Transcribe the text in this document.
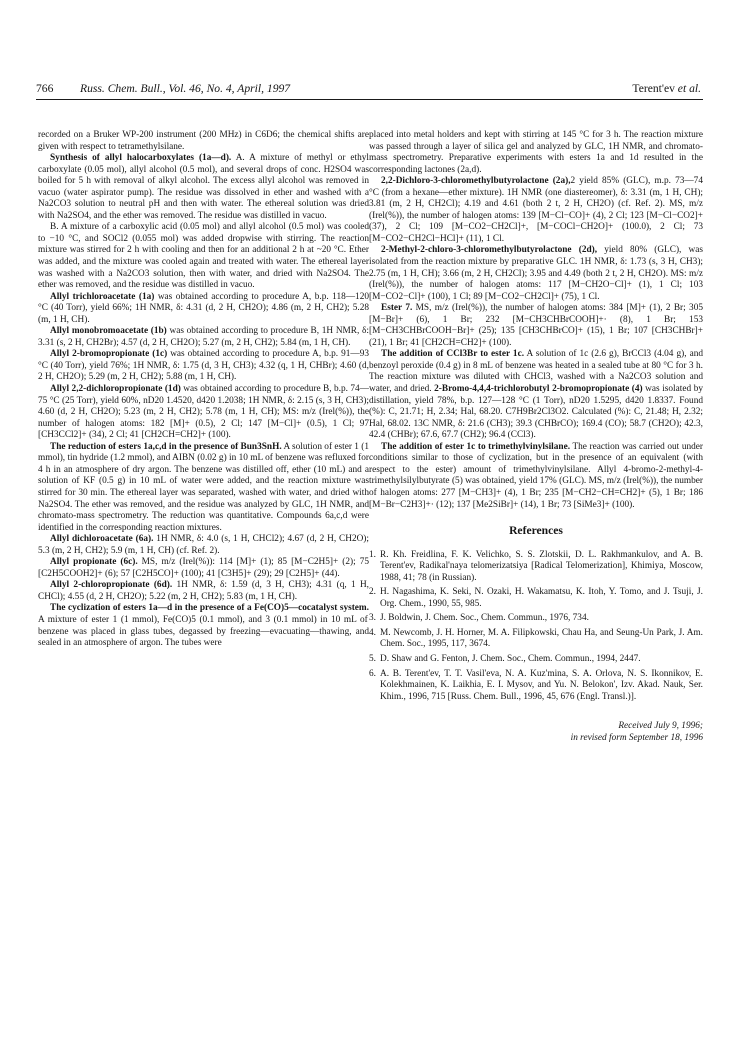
766 Russ. Chem. Bull., Vol. 46, No. 4, April, 1997	Terent'ev et al.

recorded on a Bruker WP-200 instrument (200 MHz) in C6D6; the chemical shifts are given with respect to tetramethylsilane.

Synthesis of allyl halocarboxylates (1a—d). A. A mixture of methyl or ethyl carboxylate (0.05 mol), allyl alcohol (0.5 mol), and several drops of conc. H2SO4 was boiled for 5 h with removal of alkyl alcohol. The excess allyl alcohol was removed in vacuo (water aspirator pump). The residue was dissolved in ether and washed with a Na2CO3 solution to neutral pH and then with water. The ethereal solution was dried with Na2SO4, and the ether was removed. The residue was distilled in vacuo.

B. A mixture of a carboxylic acid (0.05 mol) and allyl alcohol (0.5 mol) was cooled to −10 °C, and SOCl2 (0.055 mol) was added dropwise with stirring. The reaction mixture was stirred for 2 h with cooling and then for an additional 2 h at ~20 °C. Ether was added, and the mixture was cooled again and treated with water. The ethereal layer was washed with a Na2CO3 solution, then with water, and dried with Na2SO4. The ether was removed, and the residue was distilled in vacuo.

Allyl trichloroacetate (1a) was obtained according to procedure A, b.p. 118—120 °C (40 Torr), yield 66%; 1H NMR, δ: 4.31 (d, 2 H, CH2O); 4.86 (m, 2 H, CH2); 5.28 (m, 1 H, CH).

Allyl monobromoacetate (1b) was obtained according to procedure B, 1H NMR, δ: 3.31 (s, 2 H, CH2Br); 4.57 (d, 2 H, CH2O); 5.27 (m, 2 H, CH2); 5.84 (m, 1 H, CH).

Allyl 2-bromopropionate (1c) was obtained according to procedure A, b.p. 91—93 °C (40 Torr), yield 76%; 1H NMR, δ: 1.75 (d, 3 H, CH3); 4.32 (q, 1 H, CHBr); 4.60 (d, 2 H, CH2O); 5.29 (m, 2 H, CH2); 5.88 (m, 1 H, CH).

Allyl 2,2-dichloropropionate (1d) was obtained according to procedure B, b.p. 74—75 °C (25 Torr), yield 60%, nD20 1.4520, d420 1.2038; 1H NMR, δ: 2.15 (s, 3 H, CH3); 4.60 (d, 2 H, CH2O); 5.23 (m, 2 H, CH2); 5.78 (m, 1 H, CH); MS: m/z (Irel(%)), the number of halogen atoms: 182 [M]+ (0.5), 2 Cl; 147 [M−Cl]+ (0.5), 1 Cl; 97 [CH3CCl2]+ (34), 2 Cl; 41 [CH2CH=CH2]+ (100).

The reduction of esters 1a,c,d in the presence of Bun3SnH. A solution of ester 1 (1 mmol), tin hydride (1.2 mmol), and AIBN (0.02 g) in 10 mL of benzene was refluxed for 4 h in an atmosphere of dry argon. The benzene was distilled off, ether (10 mL) and a solution of KF (0.5 g) in 10 mL of water were added, and the reaction mixture was stirred for 30 min. The ethereal layer was separated, washed with water, and dried with Na2SO4. The ether was removed, and the residue was analyzed by GLC, 1H NMR, and chromato-mass spectrometry. The reduction was quantitative. Compounds 6a,c,d were identified in the corresponding reaction mixtures.

Allyl dichloroacetate (6a). 1H NMR, δ: 4.0 (s, 1 H, CHCl2); 4.67 (d, 2 H, CH2O); 5.3 (m, 2 H, CH2); 5.9 (m, 1 H, CH) (cf. Ref. 2).

Allyl propionate (6c). MS, m/z (Irel(%)): 114 [M]+ (1); 85 [M−C2H5]+ (2); 75 [C2H5COOH2]+ (6); 57 [C2H5CO]+ (100); 41 [C3H5]+ (29); 29 [C2H5]+ (44).

Allyl 2-chloropropionate (6d). 1H NMR, δ: 1.59 (d, 3 H, CH3); 4.31 (q, 1 H, CHCl); 4.55 (d, 2 H, CH2O); 5.22 (m, 2 H, CH2); 5.83 (m, 1 H, CH).

The cyclization of esters 1a—d in the presence of a Fe(CO)5—cocatalyst system. A mixture of ester 1 (1 mmol), Fe(CO)5 (0.1 mmol), and 3 (0.1 mmol) in 10 mL of benzene was placed in glass tubes, degassed by freezing—evacuating—thawing, and sealed in an atmosphere of argon. The tubes were

placed into metal holders and kept with stirring at 145 °C for 3 h. The reaction mixture was passed through a layer of silica gel and analyzed by GLC, 1H NMR, and chromato-mass spectrometry. Preparative experiments with esters 1a and 1d resulted in the corresponding lactones (2a,d).

2,2-Dichloro-3-chloromethylbutyrolactone (2a),2 yield 85% (GLC), m.p. 73—74 °C (from a hexane—ether mixture). 1H NMR (one diastereomer), δ: 3.31 (m, 1 H, CH); 3.81 (m, 2 H, CH2Cl); 4.19 and 4.61 (both 2 t, 2 H, CH2O) (cf. Ref. 2). MS, m/z (Irel(%)), the number of halogen atoms: 139 [M−Cl−CO]+ (4), 2 Cl; 123 [M−Cl−CO2]+ (37), 2 Cl; 109 [M−CO2−CH2Cl]+, [M−COCl−CH2O]+ (100.0), 2 Cl; 73 [M−CO2−CH2Cl−HCl]+ (11), 1 Cl.

2-Methyl-2-chloro-3-chloromethylbutyrolactone (2d), yield 80% (GLC), was isolated from the reaction mixture by preparative GLC. 1H NMR, δ: 1.73 (s, 3 H, CH3); 2.75 (m, 1 H, CH); 3.66 (m, 2 H, CH2Cl); 3.95 and 4.49 (both 2 t, 2 H, CH2O). MS: m/z (Irel(%)), the number of halogen atoms: 117 [M−CH2O−Cl]+ (1), 1 Cl; 103 [M−CO2−Cl]+ (100), 1 Cl; 89 [M−CO2−CH2Cl]+ (75), 1 Cl.

Ester 7. MS, m/z (Irel(%)), the number of halogen atoms: 384 [M]+ (1), 2 Br; 305 [M−Br]+ (6), 1 Br; 232 [M−CH3CHBrCOOH]+· (8), 1 Br; 153 [M−CH3CHBrCOOH−Br]+ (25); 135 [CH3CHBrCO]+ (15), 1 Br; 107 [CH3CHBr]+ (21), 1 Br; 41 [CH2CH=CH2]+ (100).

The addition of CCl3Br to ester 1c. A solution of 1c (2.6 g), BrCCl3 (4.04 g), and benzoyl peroxide (0.4 g) in 8 mL of benzene was heated in a sealed tube at 80 °C for 3 h. The reaction mixture was diluted with CHCl3, washed with a Na2CO3 solution and water, and dried. 2-Bromo-4,4,4-trichlorobutyl 2-bromopropionate (4) was isolated by distillation, yield 78%, b.p. 127—128 °C (1 Torr), nD20 1.5295, d420 1.8337. Found (%): C, 21.71; H, 2.34; Hal, 68.20. C7H9Br2Cl3O2. Calculated (%): C, 21.48; H, 2.32; Hal, 68.02. 13C NMR, δ: 21.6 (CH3); 39.3 (CHBrCO); 169.4 (CO); 58.7 (CH2O); 42.3, 42.4 (CHBr); 67.6, 67.7 (CH2); 96.4 (CCl3).

The addition of ester 1c to trimethylvinylsilane. The reaction was carried out under conditions similar to those of cyclization, but in the presence of an equivalent (with respect to the ester) amount of trimethylvinylsilane. Allyl 4-bromo-2-methyl-4-trimethylsilylbutyrate (5) was obtained, yield 17% (GLC). MS, m/z (Irel(%)), the number of halogen atoms: 277 [M−CH3]+ (4), 1 Br; 235 [M−CH2−CH=CH2]+ (5), 1 Br; 186 [M−Br−C2H3]+· (12); 137 [Me2SiBr]+ (14), 1 Br; 73 [SiMe3]+ (100).

References

1. R. Kh. Freidlina, F. K. Velichko, S. S. Zlotskii, D. L. Rakhmankulov, and A. B. Terent'ev, Radikal'naya telomerizatsiya [Radical Telomerization], Khimiya, Moscow, 1988, 41; 78 (in Russian).
2. H. Nagashima, K. Seki, N. Ozaki, H. Wakamatsu, K. Itoh, Y. Tomo, and J. Tsuji, J. Org. Chem., 1990, 55, 985.
3. J. Boldwin, J. Chem. Soc., Chem. Commun., 1976, 734.
4. M. Newcomb, J. H. Horner, M. A. Filipkowski, Chau Ha, and Seung-Un Park, J. Am. Chem. Soc., 1995, 117, 3674.
5. D. Shaw and G. Fenton, J. Chem. Soc., Chem. Commun., 1994, 2447.
6. A. B. Terent'ev, T. T. Vasil'eva, N. A. Kuz'mina, S. A. Orlova, N. S. Ikonnikov, E. Kolekhmainen, K. Laikhia, E. I. Mysov, and Yu. N. Belokon', Izv. Akad. Nauk, Ser. Khim., 1996, 715 [Russ. Chem. Bull., 1996, 45, 676 (Engl. Transl.)].
Received July 9, 1996;
in revised form September 18, 1996
